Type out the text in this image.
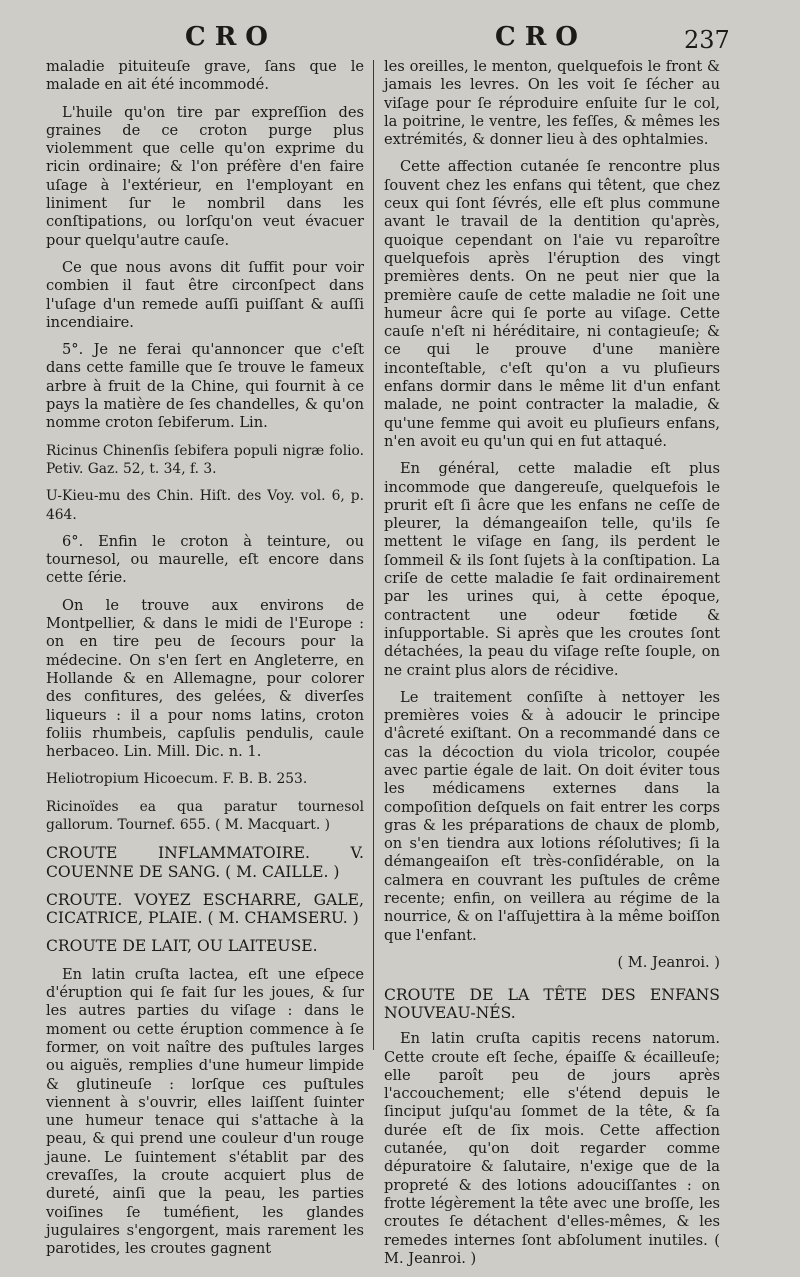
CRO	CRO	237

maladie pituiteuſe grave, ſans que le malade en ait été incommodé.

L'huile qu'on tire par expreſſion des graines de ce croton purge plus violemment que celle qu'on exprime du ricin ordinaire; & l'on préfère d'en faire uſage à l'extérieur, en l'employant en liniment ſur le nombril dans les conſtipations, ou lorſqu'on veut évacuer pour quelqu'autre cauſe.

Ce que nous avons dit ſuffit pour voir combien il faut être circonſpect dans l'uſage d'un remede auſſi puiſſant & auſſi incendiaire.

5°. Je ne ferai qu'annoncer que c'eſt dans cette famille que ſe trouve le fameux arbre à fruit de la Chine, qui fournit à ce pays la matière de ſes chandelles, & qu'on nomme croton ſebiferum. Lin.

Ricinus Chinenſis ſebifera populi nigræ folio. Petiv. Gaz. 52, t. 34, f. 3.

U-Kieu-mu des Chin. Hiſt. des Voy. vol. 6, p. 464.

6°. Enfin le croton à teinture, ou tournesol, ou maurelle, eſt encore dans cette ſérie.

On le trouve aux environs de Montpellier, & dans le midi de l'Europe : on en tire peu de ſecours pour la médecine. On s'en ſert en Angleterre, en Hollande & en Allemagne, pour colorer des confitures, des gelées, & diverſes liqueurs : il a pour noms latins, croton foliis rhumbeis, capſulis pendulis, caule herbaceo. Lin. Mill. Dic. n. 1.

Heliotropium Hicoecum. F. B. B. 253.

Ricinoïdes ea qua paratur tournesol gallorum. Tournef. 655. ( M. Macquart. )

CROUTE INFLAMMATOIRE. V. COUENNE DE SANG. ( M. CAILLE. )

CROUTE. VOYEZ ESCHARRE, GALE, CICATRICE, PLAIE. ( M. CHAMSERU. )

CROUTE DE LAIT, OU LAITEUSE.

En latin cruſta lactea, eſt une eſpece d'éruption qui ſe fait ſur les joues, & ſur les autres parties du viſage : dans le moment ou cette éruption commence à ſe former, on voit naître des puſtules larges ou aiguës, remplies d'une humeur limpide & glutineuſe : lorſque ces puſtules viennent à s'ouvrir, elles laiſſent ſuinter une humeur tenace qui s'attache à la peau, & qui prend une couleur d'un rouge jaune. Le ſuintement s'établit par des crevaſſes, la croute acquiert plus de dureté, ainſi que la peau, les parties voiſines ſe tuméfient, les glandes jugulaires s'engorgent, mais rarement les parotides, les croutes gagnent

les oreilles, le menton, quelquefois le front & jamais les levres. On les voit ſe ſécher au viſage pour ſe réproduire enſuite ſur le col, la poitrine, le ventre, les feſſes, & mêmes les extrémités, & donner lieu à des ophtalmies.

Cette affection cutanée ſe rencontre plus ſouvent chez les enfans qui têtent, que chez ceux qui ſont ſévrés, elle eſt plus commune avant le travail de la dentition qu'après, quoique cependant on l'aie vu reparoître quelquefois après l'éruption des vingt premières dents. On ne peut nier que la première cauſe de cette maladie ne ſoit une humeur âcre qui ſe porte au viſage. Cette cauſe n'eſt ni héréditaire, ni contagieuſe; & ce qui le prouve d'une manière inconteſtable, c'eſt qu'on a vu pluſieurs enfans dormir dans le même lit d'un enfant malade, ne point contracter la maladie, & qu'une femme qui avoit eu pluſieurs enfans, n'en avoit eu qu'un qui en fut attaqué.

En général, cette maladie eſt plus incommode que dangereuſe, quelquefois le prurit eſt ſi âcre que les enfans ne ceſſe de pleurer, la démangeaiſon telle, qu'ils ſe mettent le viſage en ſang, ils perdent le ſommeil & ils ſont ſujets à la conſtipation. La criſe de cette maladie ſe fait ordinairement par les urines qui, à cette époque, contractent une odeur fœtide & inſupportable. Si après que les croutes ſont détachées, la peau du viſage reſte ſouple, on ne craint plus alors de récidive.

Le traitement conſiſte à nettoyer les premières voies & à adoucir le principe d'âcreté exiſtant. On a recommandé dans ce cas la décoction du viola tricolor, coupée avec partie égale de lait. On doit éviter tous les médicamens externes dans la compoſition deſquels on fait entrer les corps gras & les préparations de chaux de plomb, on s'en tiendra aux lotions réſolutives; ſi la démangeaiſon eſt très-conſidérable, on la calmera en couvrant les puſtules de crême recente; enfin, on veillera au régime de la nourrice, & on l'aſſujettira à la même boiſſon que l'enfant.

( M. Jeanroi. )

CROUTE DE LA TÊTE DES ENFANS NOUVEAU-NÉS.

En latin cruſta capitis recens natorum. Cette croute eſt ſeche, épaiſſe & écailleuſe; elle paroît peu de jours après l'accouchement; elle s'étend depuis le ſinciput juſqu'au ſommet de la tête, & ſa durée eſt de ſix mois. Cette affection cutanée, qu'on doit regarder comme dépuratoire & ſalutaire, n'exige que de la propreté & des lotions adouciſſantes : on frotte légèrement la tête avec une broſſe, les croutes ſe détachent d'elles-mêmes, & les remedes internes ſont abſolument inutiles. ( M. Jeanroi. )
